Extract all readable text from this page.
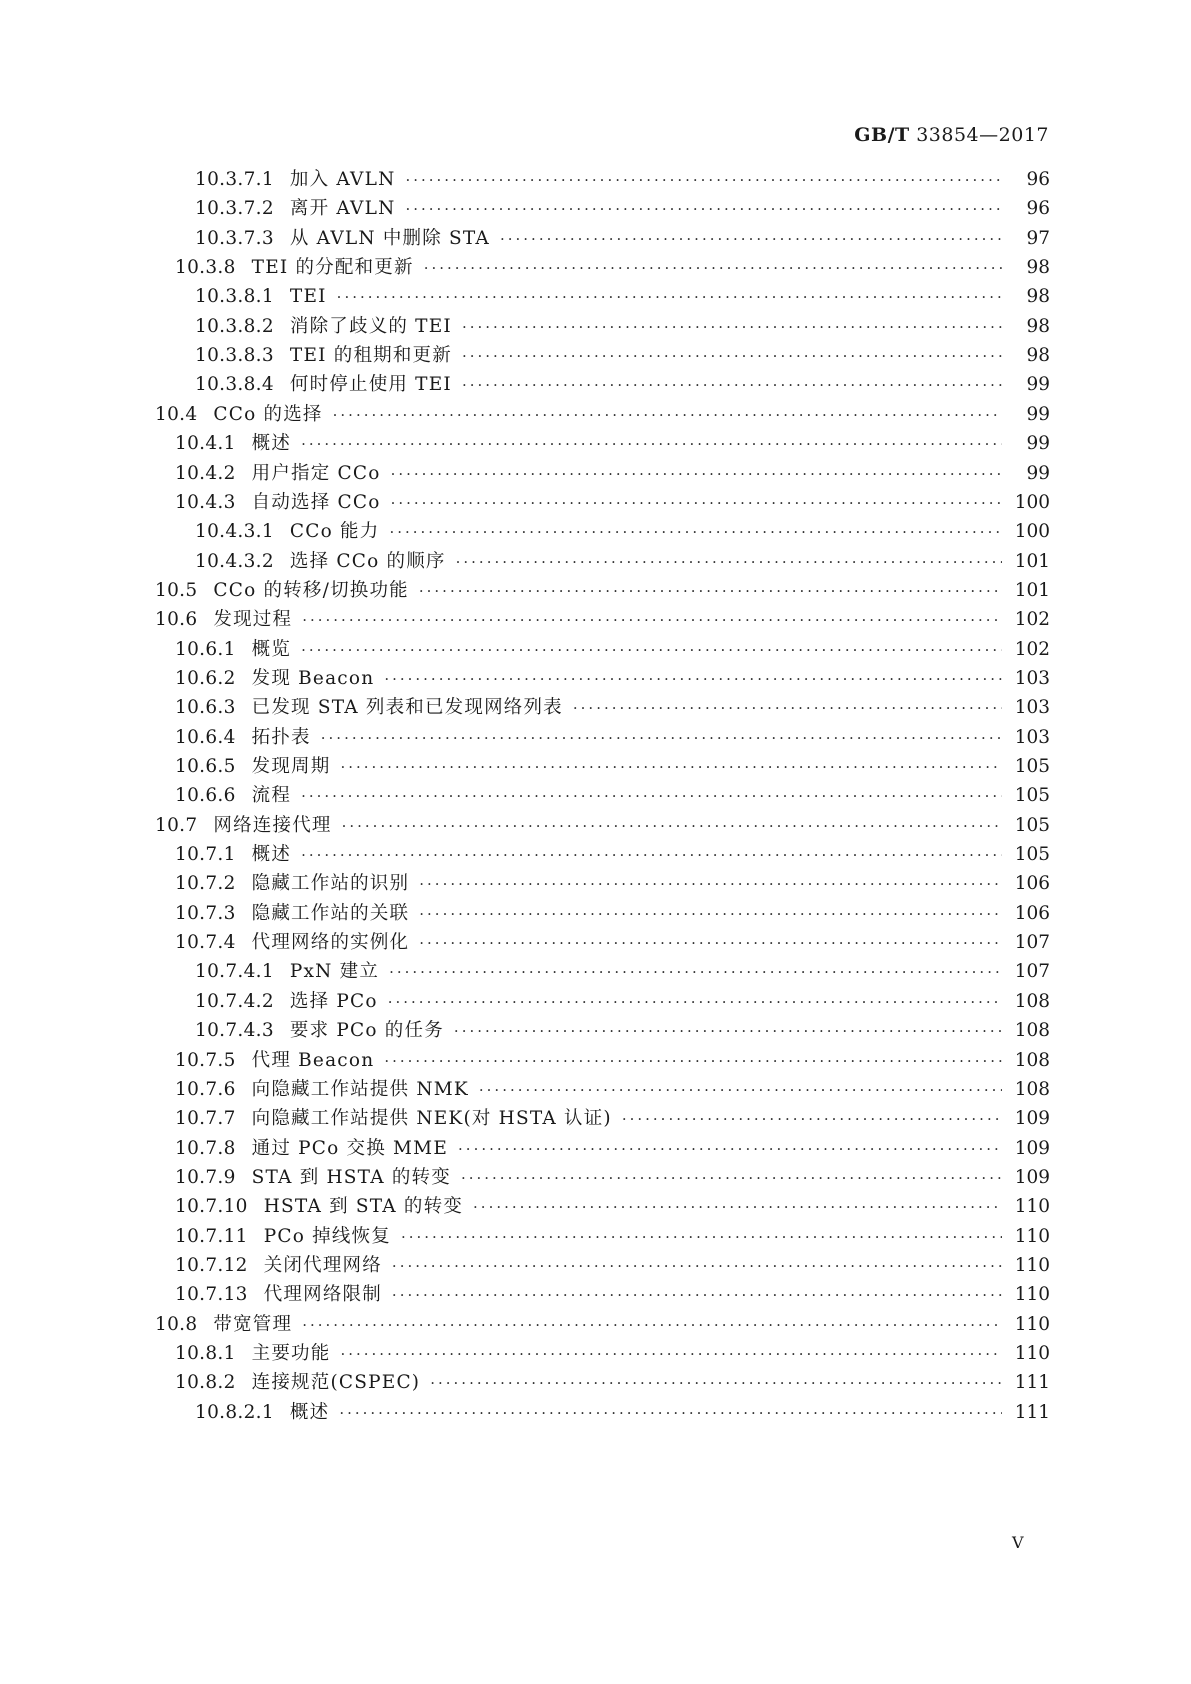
GB/T 33854—2017
10.3.7.1 加入 AVLN ·····	96
10.3.7.2 离开 AVLN ·····	96
10.3.7.3 从 AVLN 中删除 STA ·····	97
10.3.8 TEI 的分配和更新 ·····	98
10.3.8.1 TEI ·····	98
10.3.8.2 消除了歧义的 TEI ·····	98
10.3.8.3 TEI 的租期和更新 ·····	98
10.3.8.4 何时停止使用 TEI ·····	99
10.4 CCo 的选择 ·····	99
10.4.1 概述 ·····	99
10.4.2 用户指定 CCo ·····	99
10.4.3 自动选择 CCo ·····	100
10.4.3.1 CCo 能力 ·····	100
10.4.3.2 选择 CCo 的顺序 ·····	101
10.5 CCo 的转移/切换功能 ·····	101
10.6 发现过程 ·····	102
10.6.1 概览 ·····	102
10.6.2 发现 Beacon ·····	103
10.6.3 已发现 STA 列表和已发现网络列表 ·····	103
10.6.4 拓扑表 ·····	103
10.6.5 发现周期 ·····	105
10.6.6 流程 ·····	105
10.7 网络连接代理 ·····	105
10.7.1 概述 ·····	105
10.7.2 隐藏工作站的识别 ·····	106
10.7.3 隐藏工作站的关联 ·····	106
10.7.4 代理网络的实例化 ·····	107
10.7.4.1 PxN 建立 ·····	107
10.7.4.2 选择 PCo ·····	108
10.7.4.3 要求 PCo 的任务 ·····	108
10.7.5 代理 Beacon ·····	108
10.7.6 向隐藏工作站提供 NMK ·····	108
10.7.7 向隐藏工作站提供 NEK(对 HSTA 认证) ·····	109
10.7.8 通过 PCo 交换 MME ·····	109
10.7.9 STA 到 HSTA 的转变 ·····	109
10.7.10 HSTA 到 STA 的转变 ·····	110
10.7.11 PCo 掉线恢复 ·····	110
10.7.12 关闭代理网络 ·····	110
10.7.13 代理网络限制 ·····	110
10.8 带宽管理 ·····	110
10.8.1 主要功能 ·····	110
10.8.2 连接规范(CSPEC) ·····	111
10.8.2.1 概述 ·····	111
V
